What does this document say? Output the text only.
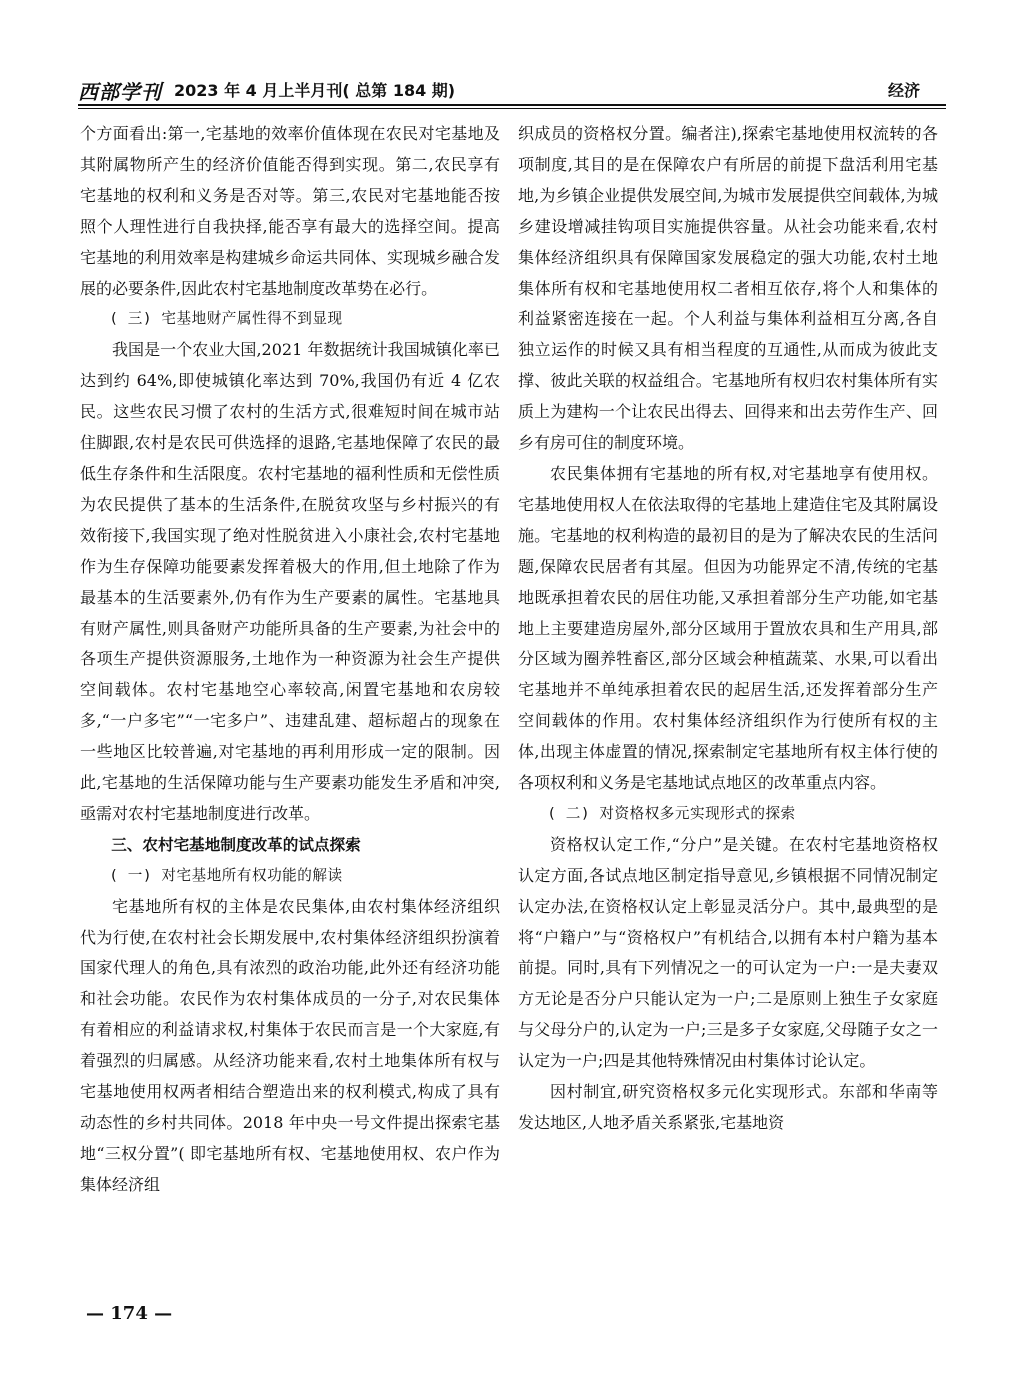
西部学刊 2023 年 4 月上半月刊( 总第 184 期)	经济

个方面看出:第一,宅基地的效率价值体现在农民对宅基地及其附属物所产生的经济价值能否得到实现。第二,农民享有宅基地的权利和义务是否对等。第三,农民对宅基地能否按照个人理性进行自我抉择,能否享有最大的选择空间。提高宅基地的利用效率是构建城乡命运共同体、实现城乡融合发展的必要条件,因此农村宅基地制度改革势在必行。

( 三) 宅基地财产属性得不到显现

我国是一个农业大国,2021 年数据统计我国城镇化率已达到约 64%,即使城镇化率达到 70%,我国仍有近 4 亿农民。这些农民习惯了农村的生活方式,很难短时间在城市站住脚跟,农村是农民可供选择的退路,宅基地保障了农民的最低生存条件和生活限度。农村宅基地的福利性质和无偿性质为农民提供了基本的生活条件,在脱贫攻坚与乡村振兴的有效衔接下,我国实现了绝对性脱贫进入小康社会,农村宅基地作为生存保障功能要素发挥着极大的作用,但土地除了作为最基本的生活要素外,仍有作为生产要素的属性。宅基地具有财产属性,则具备财产功能所具备的生产要素,为社会中的各项生产提供资源服务,土地作为一种资源为社会生产提供空间载体。农村宅基地空心率较高,闲置宅基地和农房较多,“一户多宅”“一宅多户”、违建乱建、超标超占的现象在一些地区比较普遍,对宅基地的再利用形成一定的限制。因此,宅基地的生活保障功能与生产要素功能发生矛盾和冲突,亟需对农村宅基地制度进行改革。

三、农村宅基地制度改革的试点探索

( 一) 对宅基地所有权功能的解读

宅基地所有权的主体是农民集体,由农村集体经济组织代为行使,在农村社会长期发展中,农村集体经济组织扮演着国家代理人的角色,具有浓烈的政治功能,此外还有经济功能和社会功能。农民作为农村集体成员的一分子,对农民集体有着相应的利益请求权,村集体于农民而言是一个大家庭,有着强烈的归属感。从经济功能来看,农村土地集体所有权与宅基地使用权两者相结合塑造出来的权利模式,构成了具有动态性的乡村共同体。2018 年中央一号文件提出探索宅基地“三权分置”( 即宅基地所有权、宅基地使用权、农户作为集体经济组

织成员的资格权分置。编者注),探索宅基地使用权流转的各项制度,其目的是在保障农户有所居的前提下盘活利用宅基地,为乡镇企业提供发展空间,为城市发展提供空间载体,为城乡建设增减挂钩项目实施提供容量。从社会功能来看,农村集体经济组织具有保障国家发展稳定的强大功能,农村土地集体所有权和宅基地使用权二者相互依存,将个人和集体的利益紧密连接在一起。个人利益与集体利益相互分离,各自独立运作的时候又具有相当程度的互通性,从而成为彼此支撑、彼此关联的权益组合。宅基地所有权归农村集体所有实质上为建构一个让农民出得去、回得来和出去劳作生产、回乡有房可住的制度环境。

农民集体拥有宅基地的所有权,对宅基地享有使用权。宅基地使用权人在依法取得的宅基地上建造住宅及其附属设施。宅基地的权利构造的最初目的是为了解决农民的生活问题,保障农民居者有其屋。但因为功能界定不清,传统的宅基地既承担着农民的居住功能,又承担着部分生产功能,如宅基地上主要建造房屋外,部分区域用于置放农具和生产用具,部分区域为圈养牲畜区,部分区域会种植蔬菜、水果,可以看出宅基地并不单纯承担着农民的起居生活,还发挥着部分生产空间载体的作用。农村集体经济组织作为行使所有权的主体,出现主体虚置的情况,探索制定宅基地所有权主体行使的各项权利和义务是宅基地试点地区的改革重点内容。

( 二) 对资格权多元实现形式的探索

资格权认定工作,“分户”是关键。在农村宅基地资格权认定方面,各试点地区制定指导意见,乡镇根据不同情况制定认定办法,在资格权认定上彰显灵活分户。其中,最典型的是将“户籍户”与“资格权户”有机结合,以拥有本村户籍为基本前提。同时,具有下列情况之一的可认定为一户:一是夫妻双方无论是否分户只能认定为一户;二是原则上独生子女家庭与父母分户的,认定为一户;三是多子女家庭,父母随子女之一认定为一户;四是其他特殊情况由村集体讨论认定。

因村制宜,研究资格权多元化实现形式。东部和华南等发达地区,人地矛盾关系紧张,宅基地资

— 174 —
